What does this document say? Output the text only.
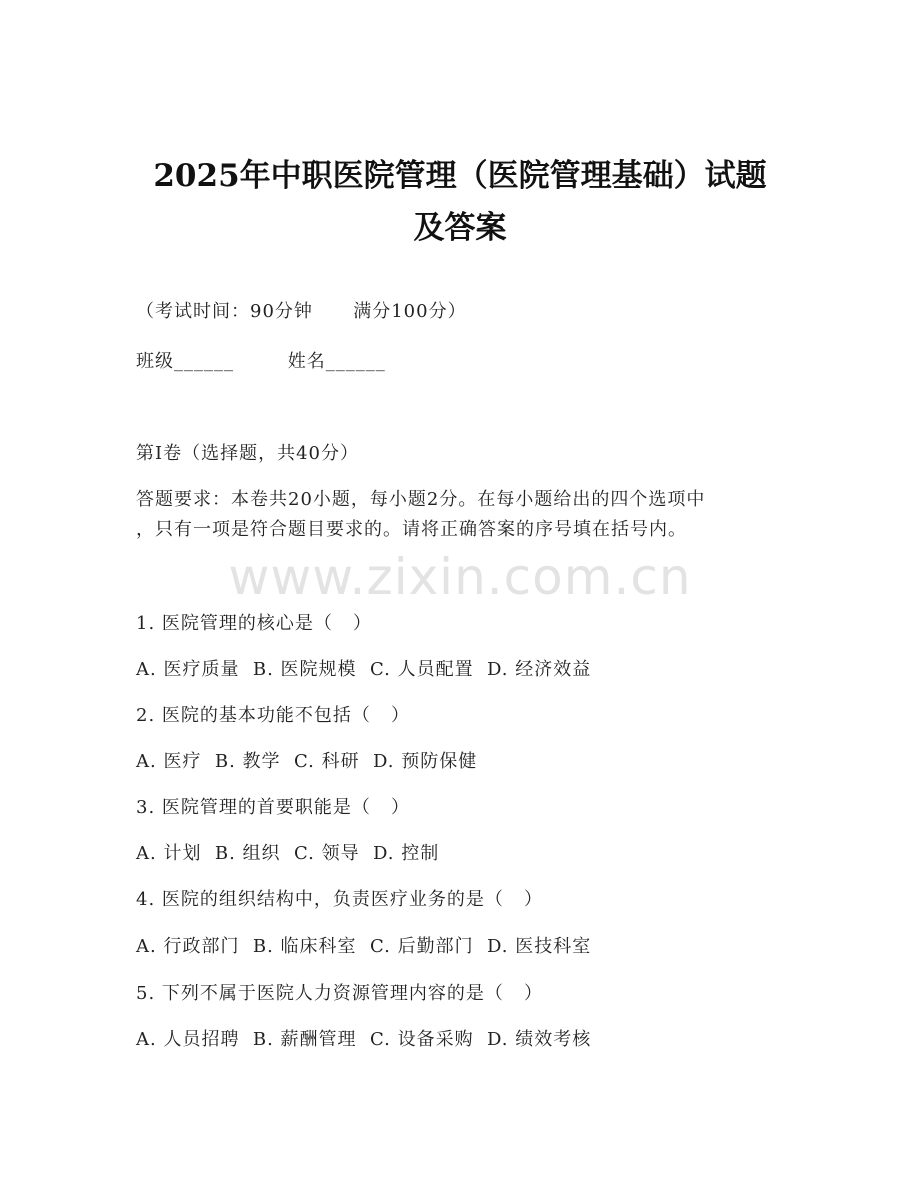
2025年中职医院管理（医院管理基础）试题
及答案
（考试时间：90分钟      满分100分）
班级______        姓名______
第Ⅰ卷（选择题，共40分）
答题要求：本卷共20小题，每小题2分。在每小题给出的四个选项中
，只有一项是符合题目要求的。请将正确答案的序号填在括号内。
www.zixin.com.cn
1. 医院管理的核心是（   ）
A. 医疗质量  B. 医院规模  C. 人员配置  D. 经济效益
2. 医院的基本功能不包括（   ）
A. 医疗  B. 教学  C. 科研  D. 预防保健
3. 医院管理的首要职能是（   ）
A. 计划  B. 组织  C. 领导  D. 控制
4. 医院的组织结构中，负责医疗业务的是（   ）
A. 行政部门  B. 临床科室  C. 后勤部门  D. 医技科室
5. 下列不属于医院人力资源管理内容的是（   ）
A. 人员招聘  B. 薪酬管理  C. 设备采购  D. 绩效考核
